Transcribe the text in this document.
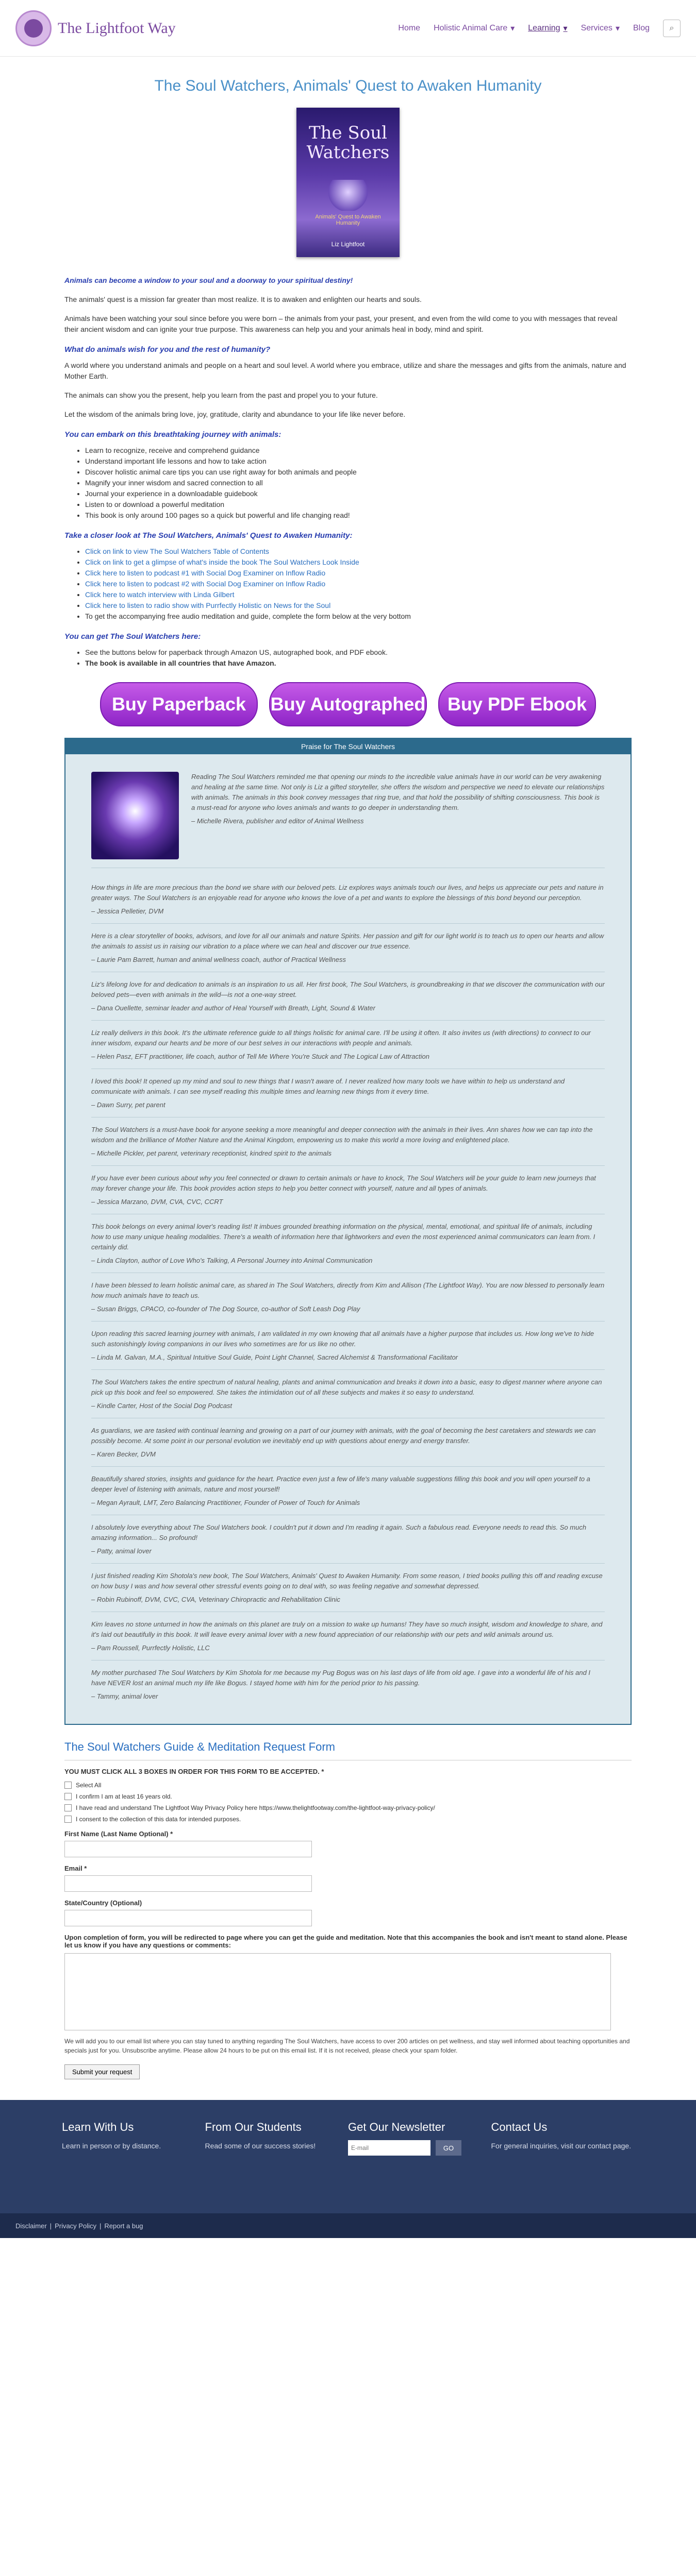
The Lightfoot Way	Home Holistic Animal Care ▾ Learning ▾ Services ▾ Blog	⌕
The Soul Watchers, Animals' Quest to Awaken Humanity
The Soul Watchers
Animals' Quest to Awaken Humanity
Liz Lightfoot

Animals can become a window to your soul and a doorway to your spiritual destiny!

The animals' quest is a mission far greater than most realize. It is to awaken and enlighten our hearts and souls.

Animals have been watching your soul since before you were born – the animals from your past, your present, and even from the wild come to you with messages that reveal their ancient wisdom and can ignite your true purpose. This awareness can help you and your animals heal in body, mind and spirit.

What do animals wish for you and the rest of humanity?

A world where you understand animals and people on a heart and soul level. A world where you embrace, utilize and share the messages and gifts from the animals, nature and Mother Earth.

The animals can show you the present, help you learn from the past and propel you to your future.

Let the wisdom of the animals bring love, joy, gratitude, clarity and abundance to your life like never before.

You can embark on this breathtaking journey with animals:
• Learn to recognize, receive and comprehend guidance
• Understand important life lessons and how to take action
• Discover holistic animal care tips you can use right away for both animals and people
• Magnify your inner wisdom and sacred connection to all
• Journal your experience in a downloadable guidebook
• Listen to or download a powerful meditation
• This book is only around 100 pages so a quick but powerful and life changing read!
Take a closer look at The Soul Watchers, Animals' Quest to Awaken Humanity:
• Click on link to view The Soul Watchers Table of Contents
• Click on link to get a glimpse of what's inside the book The Soul Watchers Look Inside
• Click here to listen to podcast #1 with Social Dog Examiner on Inflow Radio
• Click here to listen to podcast #2 with Social Dog Examiner on Inflow Radio
• Click here to watch interview with Linda Gilbert
• Click here to listen to radio show with Purrfectly Holistic on News for the Soul
• To get the accompanying free audio meditation and guide, complete the form below at the very bottom
You can get The Soul Watchers here:
• See the buttons below for paperback through Amazon US, autographed book, and PDF ebook.
• The book is available in all countries that have Amazon.
Buy Paperback	Buy Autographed	Buy PDF Ebook
Praise for The Soul Watchers
Reading The Soul Watchers reminded me that opening our minds to the incredible value animals have in our world can be very awakening and healing at the same time. Not only is Liz a gifted storyteller, she offers the wisdom and perspective we need to elevate our relationships with animals. The animals in this book convey messages that ring true, and that hold the possibility of shifting consciousness. This book is a must-read for anyone who loves animals and wants to go deeper in understanding them.
– Michelle Rivera, publisher and editor of Animal Wellness
How things in life are more precious than the bond we share with our beloved pets. Liz explores ways animals touch our lives, and helps us appreciate our pets and nature in greater ways. The Soul Watchers is an enjoyable read for anyone who knows the love of a pet and wants to explore the blessings of this bond beyond our perception.
– Jessica Pelletier, DVM
Here is a clear storyteller of books, advisors, and love for all our animals and nature Spirits. Her passion and gift for our light world is to teach us to open our hearts and allow the animals to assist us in raising our vibration to a place where we can heal and discover our true essence.
– Laurie Pam Barrett, human and animal wellness coach, author of Practical Wellness
Liz's lifelong love for and dedication to animals is an inspiration to us all. Her first book, The Soul Watchers, is groundbreaking in that we discover the communication with our beloved pets—even with animals in the wild—is not a one-way street.
– Dana Ouellette, seminar leader and author of Heal Yourself with Breath, Light, Sound & Water
Liz really delivers in this book. It's the ultimate reference guide to all things holistic for animal care. I'll be using it often. It also invites us (with directions) to connect to our inner wisdom, expand our hearts and be more of our best selves in our interactions with people and animals.
– Helen Pasz, EFT practitioner, life coach, author of Tell Me Where You're Stuck and The Logical Law of Attraction
I loved this book! It opened up my mind and soul to new things that I wasn't aware of. I never realized how many tools we have within to help us understand and communicate with animals. I can see myself reading this multiple times and learning new things from it every time.
– Dawn Surry, pet parent
The Soul Watchers is a must-have book for anyone seeking a more meaningful and deeper connection with the animals in their lives. Ann shares how we can tap into the wisdom and the brilliance of Mother Nature and the Animal Kingdom, empowering us to make this world a more loving and enlightened place.
– Michelle Pickler, pet parent, veterinary receptionist, kindred spirit to the animals
If you have ever been curious about why you feel connected or drawn to certain animals or have to knock, The Soul Watchers will be your guide to learn new journeys that may forever change your life. This book provides action steps to help you better connect with yourself, nature and all types of animals.
– Jessica Marzano, DVM, CVA, CVC, CCRT
This book belongs on every animal lover's reading list! It imbues grounded breathing information on the physical, mental, emotional, and spiritual life of animals, including how to use many unique healing modalities. There's a wealth of information here that lightworkers and even the most experienced animal communicators can learn from. I certainly did.
– Linda Clayton, author of Love Who's Talking, A Personal Journey into Animal Communication
I have been blessed to learn holistic animal care, as shared in The Soul Watchers, directly from Kim and Allison (The Lightfoot Way). You are now blessed to personally learn how much animals have to teach us.
– Susan Briggs, CPACO, co-founder of The Dog Source, co-author of Soft Leash Dog Play
Upon reading this sacred learning journey with animals, I am validated in my own knowing that all animals have a higher purpose that includes us. How long we've to hide such astonishingly loving companions in our lives who sometimes are for us like no other.
– Linda M. Galvan, M.A., Spiritual Intuitive Soul Guide, Point Light Channel, Sacred Alchemist & Transformational Facilitator
The Soul Watchers takes the entire spectrum of natural healing, plants and animal communication and breaks it down into a basic, easy to digest manner where anyone can pick up this book and feel so empowered. She takes the intimidation out of all these subjects and makes it so easy to understand.
– Kindle Carter, Host of the Social Dog Podcast
As guardians, we are tasked with continual learning and growing on a part of our journey with animals, with the goal of becoming the best caretakers and stewards we can possibly become. At some point in our personal evolution we inevitably end up with questions about energy and energy transfer.
– Karen Becker, DVM
Beautifully shared stories, insights and guidance for the heart. Practice even just a few of life's many valuable suggestions filling this book and you will open yourself to a deeper level of listening with animals, nature and most yourself!
– Megan Ayrault, LMT, Zero Balancing Practitioner, Founder of Power of Touch for Animals
I absolutely love everything about The Soul Watchers book. I couldn't put it down and I'm reading it again. Such a fabulous read. Everyone needs to read this. So much amazing information... So profound!
– Patty, animal lover
I just finished reading Kim Shotola's new book, The Soul Watchers, Animals' Quest to Awaken Humanity. From some reason, I tried books pulling this off and reading excuse on how busy I was and how several other stressful events going on to deal with, so was feeling negative and somewhat depressed.
– Robin Rubinoff, DVM, CVC, CVA, Veterinary Chiropractic and Rehabilitation Clinic
Kim leaves no stone unturned in how the animals on this planet are truly on a mission to wake up humans! They have so much insight, wisdom and knowledge to share, and it's laid out beautifully in this book. It will leave every animal lover with a new found appreciation of our relationship with our pets and wild animals around us.
– Pam Roussell, Purrfectly Holistic, LLC
My mother purchased The Soul Watchers by Kim Shotola for me because my Pug Bogus was on his last days of life from old age. I gave into a wonderful life of his and I have NEVER lost an animal much my life like Bogus. I stayed home with him for the period prior to his passing.
– Tammy, animal lover
The Soul Watchers Guide & Meditation Request Form
YOU MUST CLICK ALL 3 BOXES IN ORDER FOR THIS FORM TO BE ACCEPTED. *
Select All
I confirm I am at least 16 years old.
I have read and understand The Lightfoot Way Privacy Policy here https://www.thelightfootway.com/the-lightfoot-way-privacy-policy/
I consent to the collection of this data for intended purposes.
First Name (Last Name Optional) *
Email *
State/Country (Optional)
Upon completion of form, you will be redirected to page where you can get the guide and meditation. Note that this accompanies the book and isn't meant to stand alone. Please let us know if you have any questions or comments:
We will add you to our email list where you can stay tuned to anything regarding The Soul Watchers, have access to over 200 articles on pet wellness, and stay well informed about teaching opportunities and specials just for you. Unsubscribe anytime. Please allow 24 hours to be put on this email list. If it is not received, please check your spam folder.
Submit your request
Learn With Us

Learn in person or by distance.

From Our Students

Read some of our success stories!

Get Our Newsletter
E-mail
GO
Contact Us

For general inquiries, visit our contact page.

Disclaimer | Privacy Policy | Report a bug
